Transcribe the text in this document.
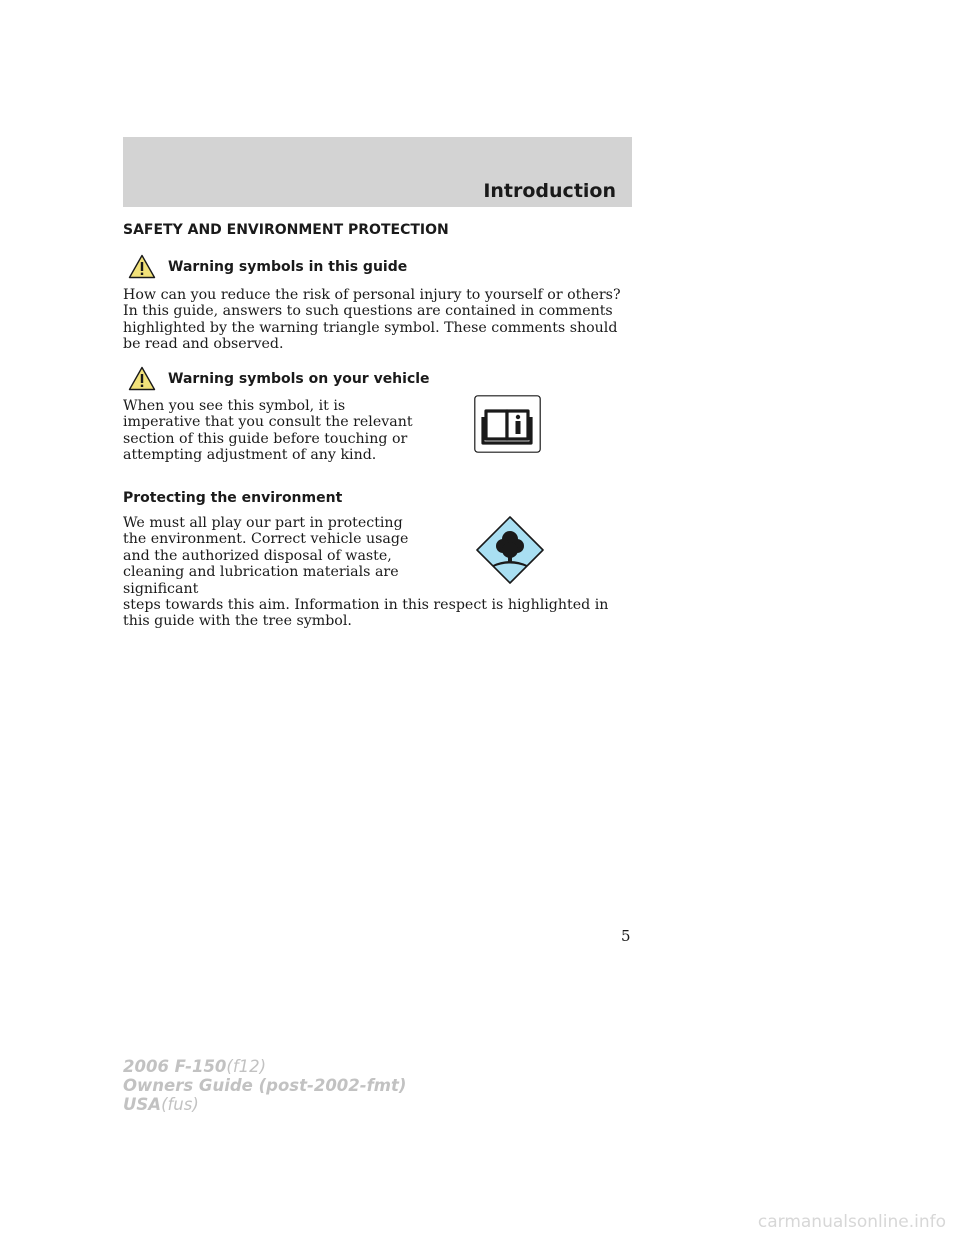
Introduction
SAFETY AND ENVIRONMENT PROTECTION
Warning symbols in this guide

How can you reduce the risk of personal injury to yourself or others? In this guide, answers to such questions are contained in comments highlighted by the warning triangle symbol. These comments should be read and observed.

Warning symbols on your vehicle

When you see this symbol, it is imperative that you consult the relevant section of this guide before touching or attempting adjustment of any kind.

Protecting the environment

We must all play our part in protecting the environment. Correct vehicle usage and the authorized disposal of waste, cleaning and lubrication materials are significant

steps towards this aim. Information in this respect is highlighted in this guide with the tree symbol.

5
2006 F-150(f12)
Owners Guide (post-2002-fmt)
USA(fus)
carmanualsonline.info
